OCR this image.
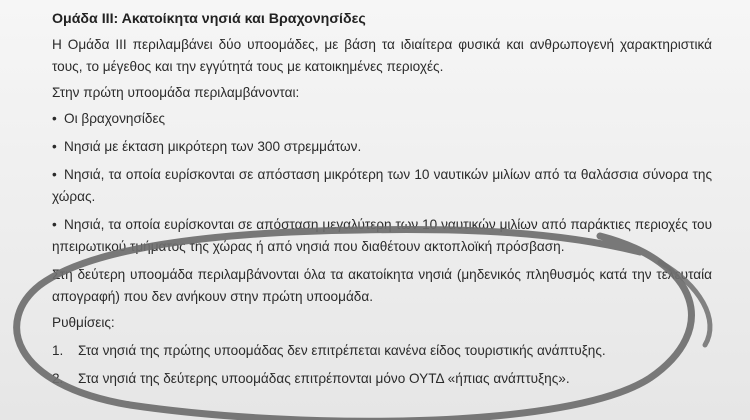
Ομάδα ΙΙΙ: Ακατοίκητα νησιά και Βραχονησίδες
Η Ομάδα ΙΙΙ περιλαμβάνει δύο υποομάδες, με βάση τα ιδιαίτερα φυσικά και ανθρωπογενή χαρακτηριστικά τους, το μέγεθος και την εγγύτητά τους με κατοικημένες περιοχές.
Στην πρώτη υποομάδα περιλαμβάνονται:
• Οι βραχονησίδες
• Νησιά με έκταση μικρότερη των 300 στρεμμάτων.
• Νησιά, τα οποία ευρίσκονται σε απόσταση μικρότερη των 10 ναυτικών μιλίων από τα θαλάσσια σύνορα της χώρας.
• Νησιά, τα οποία ευρίσκονται σε απόσταση μεγαλύτερη των 10 ναυτικών μιλίων από παράκτιες περιοχές του ηπειρωτικού τμήματος της χώρας ή από νησιά που διαθέτουν ακτοπλοϊκή πρόσβαση.
Στη δεύτερη υποομάδα περιλαμβάνονται όλα τα ακατοίκητα νησιά (μηδενικός πληθυσμός κατά την τελευταία απογραφή) που δεν ανήκουν στην πρώτη υποομάδα.
Ρυθμίσεις:
1.	Στα νησιά της πρώτης υποομάδας δεν επιτρέπεται κανένα είδος τουριστικής ανάπτυξης.
2.	Στα νησιά της δεύτερης υποομάδας επιτρέπονται μόνο ΟΥΤΔ «ήπιας ανάπτυξης».
